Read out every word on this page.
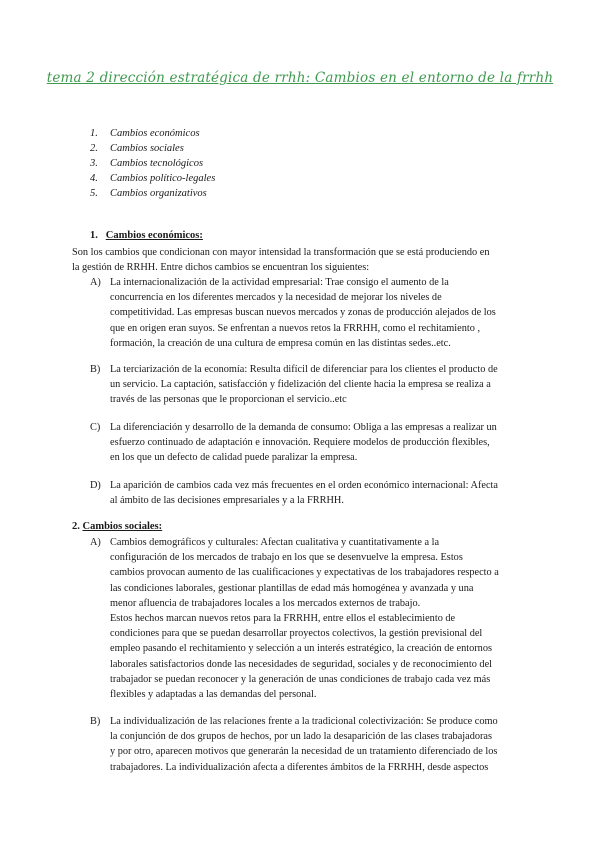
tema 2 dirección estratégica de rrhh: Cambios en el entorno de la frrhh
1. Cambios económicos
2. Cambios sociales
3. Cambios tecnológicos
4. Cambios político-legales
5. Cambios organizativos
1. Cambios económicos:
Son los cambios que condicionan con mayor intensidad la transformación que se está produciendo en
la gestión de RRHH. Entre dichos cambios se encuentran los siguientes:
A) La internacionalización de la actividad empresarial: Trae consigo el aumento de la
concurrencia en los diferentes mercados y la necesidad de mejorar los niveles de
competitividad. Las empresas buscan nuevos mercados y zonas de producción alejados de los
que en origen eran suyos. Se enfrentan a nuevos retos la FRRHH, como el rechitamiento ,
formación, la creación de una cultura de empresa común en las distintas sedes..etc.
B) La terciarización de la economía: Resulta difícil de diferenciar para los clientes el producto de
un servicio. La captación, satisfacción y fidelización del cliente hacia la empresa se realiza a
través de las personas que le proporcionan el servicio..etc
C) La diferenciación y desarrollo de la demanda de consumo: Obliga a las empresas a realizar un
esfuerzo continuado de adaptación e innovación. Requiere modelos de producción flexibles,
en los que un defecto de calidad puede paralizar la empresa.
D) La aparición de cambios cada vez más frecuentes en el orden económico internacional: Afecta
al ámbito de las decisiones empresariales y a la FRRHH.
2. Cambios sociales:
A) Cambios demográficos y culturales: Afectan cualitativa y cuantitativamente a la
configuración de los mercados de trabajo en los que se desenvuelve la empresa. Estos
cambios provocan aumento de las cualificaciones y expectativas de los trabajadores respecto a
las condiciones laborales, gestionar plantillas de edad más homogénea y avanzada y una
menor afluencia de trabajadores locales a los mercados externos de trabajo.
Estos hechos marcan nuevos retos para la FRRHH, entre ellos el establecimiento de
condiciones para que se puedan desarrollar proyectos colectivos, la gestión previsional del
empleo pasando el rechitamiento y selección a un interés estratégico, la creación de entornos
laborales satisfactorios donde las necesidades de seguridad, sociales y de reconocimiento del
trabajador se puedan reconocer y la generación de unas condiciones de trabajo cada vez más
flexibles y adaptadas a las demandas del personal.
B) La individualización de las relaciones frente a la tradicional colectivización: Se produce como
la conjunción de dos grupos de hechos, por un lado la desaparición de las clases trabajadoras
y por otro, aparecen motivos que generarán la necesidad de un tratamiento diferenciado de los
trabajadores. La individualización afecta a diferentes ámbitos de la FRRHH, desde aspectos
